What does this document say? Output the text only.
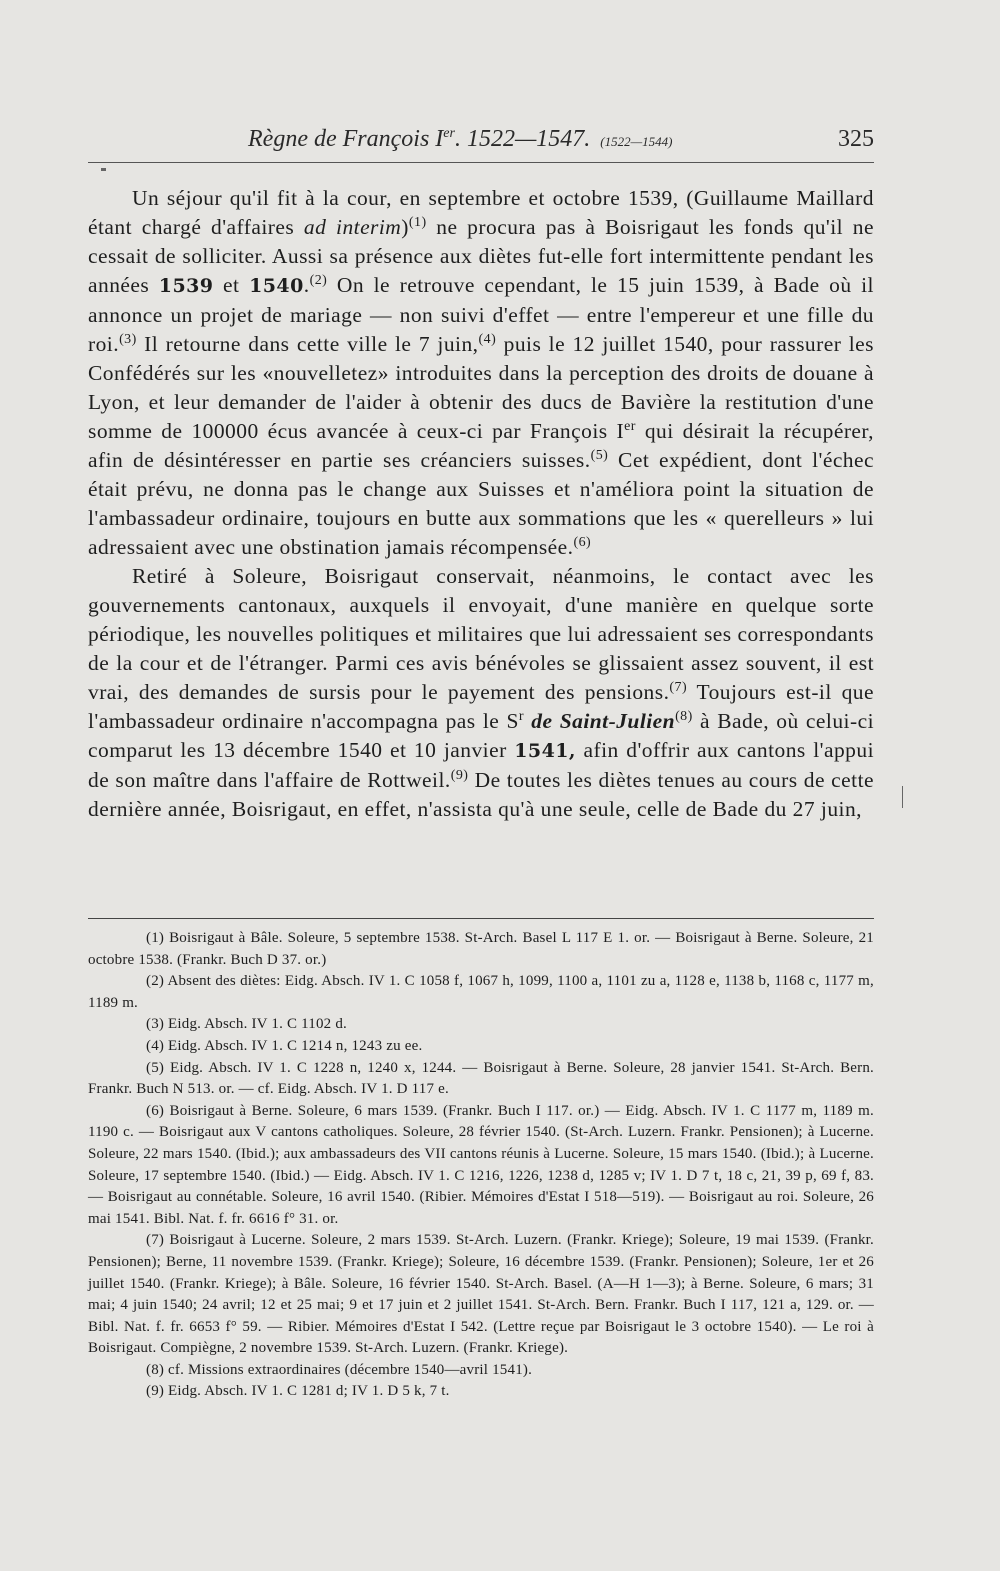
Règne de François Ier. 1522—1547. (1522—1544)	325

Un séjour qu'il fit à la cour, en septembre et octobre 1539, (Guillaume Maillard étant chargé d'affaires ad interim)$^{(1)}$ ne procura pas à Boisrigaut les fonds qu'il ne cessait de solliciter. Aussi sa présence aux diètes fut-elle fort intermittente pendant les années 1539 et 1540.$^{(2)}$ On le retrouve cependant, le 15 juin 1539, à Bade où il annonce un projet de mariage — non suivi d'effet — entre l'empereur et une fille du roi.$^{(3)}$ Il retourne dans cette ville le 7 juin,$^{(4)}$ puis le 12 juillet 1540, pour rassurer les Confédérés sur les «nouvelletez» introduites dans la perception des droits de douane à Lyon, et leur demander de l'aider à obtenir des ducs de Bavière la restitution d'une somme de 100000 écus avancée à ceux-ci par François Ier qui désirait la récupérer, afin de désintéresser en partie ses créanciers suisses.$^{(5)}$ Cet expédient, dont l'échec était prévu, ne donna pas le change aux Suisses et n'améliora point la situation de l'ambassadeur ordinaire, toujours en butte aux sommations que les « querelleurs » lui adressaient avec une obstination jamais récompensée.$^{(6)}$

Retiré à Soleure, Boisrigaut conservait, néanmoins, le contact avec les gouvernements cantonaux, auxquels il envoyait, d'une manière en quelque sorte périodique, les nouvelles politiques et militaires que lui adressaient ses correspondants de la cour et de l'étranger. Parmi ces avis bénévoles se glissaient assez souvent, il est vrai, des demandes de sursis pour le payement des pensions.$^{(7)}$ Toujours est-il que l'ambassadeur ordinaire n'accompagna pas le S$^r$ de Saint-Julien$^{(8)}$ à Bade, où celui-ci comparut les 13 décembre 1540 et 10 janvier 1541, afin d'offrir aux cantons l'appui de son maître dans l'affaire de Rottweil.$^{(9)}$ De toutes les diètes tenues au cours de cette dernière année, Boisrigaut, en effet, n'assista qu'à une seule, celle de Bade du 27 juin,

(1) Boisrigaut à Bâle. Soleure, 5 septembre 1538. St-Arch. Basel L 117 E 1. or. — Boisrigaut à Berne. Soleure, 21 octobre 1538. (Frankr. Buch D 37. or.)

(2) Absent des diètes: Eidg. Absch. IV 1. C 1058 f, 1067 h, 1099, 1100 a, 1101 zu a, 1128 e, 1138 b, 1168 c, 1177 m, 1189 m.

(3) Eidg. Absch. IV 1. C 1102 d.

(4) Eidg. Absch. IV 1. C 1214 n, 1243 zu ee.

(5) Eidg. Absch. IV 1. C 1228 n, 1240 x, 1244. — Boisrigaut à Berne. Soleure, 28 janvier 1541. St-Arch. Bern. Frankr. Buch N 513. or. — cf. Eidg. Absch. IV 1. D 117 e.

(6) Boisrigaut à Berne. Soleure, 6 mars 1539. (Frankr. Buch I 117. or.) — Eidg. Absch. IV 1. C 1177 m, 1189 m. 1190 c. — Boisrigaut aux V cantons catholiques. Soleure, 28 février 1540. (St-Arch. Luzern. Frankr. Pensionen); à Lucerne. Soleure, 22 mars 1540. (Ibid.); aux ambassadeurs des VII cantons réunis à Lucerne. Soleure, 15 mars 1540. (Ibid.); à Lucerne. Soleure, 17 septembre 1540. (Ibid.) — Eidg. Absch. IV 1. C 1216, 1226, 1238 d, 1285 v; IV 1. D 7 t, 18 c, 21, 39 p, 69 f, 83. — Boisrigaut au connétable. Soleure, 16 avril 1540. (Ribier. Mémoires d'Estat I 518—519). — Boisrigaut au roi. Soleure, 26 mai 1541. Bibl. Nat. f. fr. 6616 f° 31. or.

(7) Boisrigaut à Lucerne. Soleure, 2 mars 1539. St-Arch. Luzern. (Frankr. Kriege); Soleure, 19 mai 1539. (Frankr. Pensionen); Berne, 11 novembre 1539. (Frankr. Kriege); Soleure, 16 décembre 1539. (Frankr. Pensionen); Soleure, 1er et 26 juillet 1540. (Frankr. Kriege); à Bâle. Soleure, 16 février 1540. St-Arch. Basel. (A—H 1—3); à Berne. Soleure, 6 mars; 31 mai; 4 juin 1540; 24 avril; 12 et 25 mai; 9 et 17 juin et 2 juillet 1541. St-Arch. Bern. Frankr. Buch I 117, 121 a, 129. or. — Bibl. Nat. f. fr. 6653 f° 59. — Ribier. Mémoires d'Estat I 542. (Lettre reçue par Boisrigaut le 3 octobre 1540). — Le roi à Boisrigaut. Compiègne, 2 novembre 1539. St-Arch. Luzern. (Frankr. Kriege).

(8) cf. Missions extraordinaires (décembre 1540—avril 1541).

(9) Eidg. Absch. IV 1. C 1281 d; IV 1. D 5 k, 7 t.
